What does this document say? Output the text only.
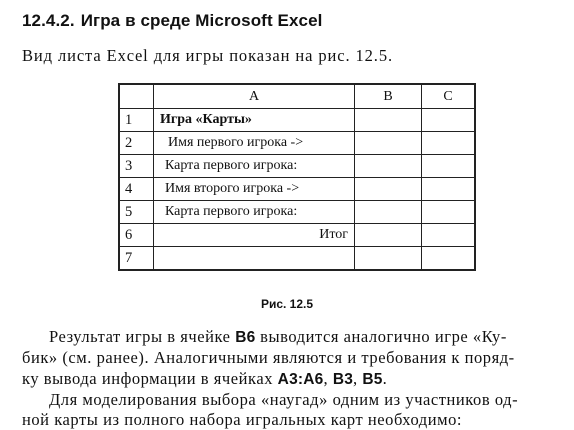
12.4.2. Игра в среде Microsoft Excel
Вид листа Excel для игры показан на рис. 12.5.
	A	B	C
1	Игра «Карты»		
2	Имя первого игрока ->		
3	Карта первого игрока:		
4	Имя второго игрока ->		
5	Карта первого игрока:		
6	Итог		
7			
Рис. 12.5
Результат игры в ячейке B6 выводится аналогично игре «Ку-
бик» (см. ранее). Аналогичными являются и требования к поряд-
ку вывода информации в ячейках А3:А6, В3, В5.
Для моделирования выбора «наугад» одним из участников од-
ной карты из полного набора игральных карт необходимо:
